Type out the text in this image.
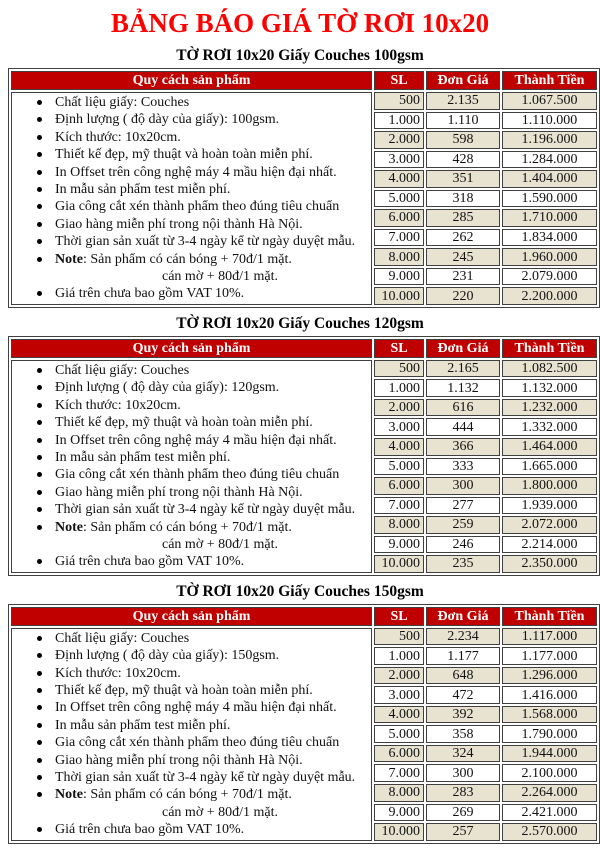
BẢNG BÁO GIÁ TỜ RƠI 10x20
TỜ RƠI 10x20 Giấy Couches 100gsm
Quy cách sản phẩm	SL	Đơn Giá	Thành Tiền

Chất liệu giấy: Couches
Định lượng ( độ dày của giấy): 100gsm.
Kích thước: 10x20cm.
Thiết kế đẹp, mỹ thuật và hoàn toàn miễn phí.
In Offset trên công nghệ máy 4 mầu hiện đại nhất.
In mẫu sản phẩm test miễn phí.
Gia công cắt xén thành phẩm theo đúng tiêu chuẩn
Giao hàng miễn phí trong nội thành Hà Nội.
Thời gian sản xuất từ 3-4 ngày kể từ ngày duyệt mẫu.
Note: Sản phẩm có cán bóng + 70đ/1 mặt.
cán mờ + 80đ/1 mặt.
Giá trên chưa bao gồm VAT 10%.
	500	2.135	1.067.500
	1.000	1.110	1.110.000
	2.000	598	1.196.000
	3.000	428	1.284.000
	4.000	351	1.404.000
	5.000	318	1.590.000
	6.000	285	1.710.000
	7.000	262	1.834.000
	8.000	245	1.960.000
	9.000	231	2.079.000
	10.000	220	2.200.000
TỜ RƠI 10x20 Giấy Couches 120gsm
Quy cách sản phẩm	SL	Đơn Giá	Thành Tiền

Chất liệu giấy: Couches
Định lượng ( độ dày của giấy): 120gsm.
Kích thước: 10x20cm.
Thiết kế đẹp, mỹ thuật và hoàn toàn miễn phí.
In Offset trên công nghệ máy 4 mầu hiện đại nhất.
In mẫu sản phẩm test miễn phí.
Gia công cắt xén thành phẩm theo đúng tiêu chuẩn
Giao hàng miễn phí trong nội thành Hà Nội.
Thời gian sản xuất từ 3-4 ngày kể từ ngày duyệt mẫu.
Note: Sản phẩm có cán bóng + 70đ/1 mặt.
cán mờ + 80đ/1 mặt.
Giá trên chưa bao gồm VAT 10%.
	500	2.165	1.082.500
	1.000	1.132	1.132.000
	2.000	616	1.232.000
	3.000	444	1.332.000
	4.000	366	1.464.000
	5.000	333	1.665.000
	6.000	300	1.800.000
	7.000	277	1.939.000
	8.000	259	2.072.000
	9.000	246	2.214.000
	10.000	235	2.350.000
TỜ RƠI 10x20 Giấy Couches 150gsm
Quy cách sản phẩm	SL	Đơn Giá	Thành Tiền

Chất liệu giấy: Couches
Định lượng ( độ dày của giấy): 150gsm.
Kích thước: 10x20cm.
Thiết kế đẹp, mỹ thuật và hoàn toàn miễn phí.
In Offset trên công nghệ máy 4 mầu hiện đại nhất.
In mẫu sản phẩm test miễn phí.
Gia công cắt xén thành phẩm theo đúng tiêu chuẩn
Giao hàng miễn phí trong nội thành Hà Nội.
Thời gian sản xuất từ 3-4 ngày kể từ ngày duyệt mẫu.
Note: Sản phẩm có cán bóng + 70đ/1 mặt.
cán mờ + 80đ/1 mặt.
Giá trên chưa bao gồm VAT 10%.
	500	2.234	1.117.000
	1.000	1.177	1.177.000
	2.000	648	1.296.000
	3.000	472	1.416.000
	4.000	392	1.568.000
	5.000	358	1.790.000
	6.000	324	1.944.000
	7.000	300	2.100.000
	8.000	283	2.264.000
	9.000	269	2.421.000
	10.000	257	2.570.000
